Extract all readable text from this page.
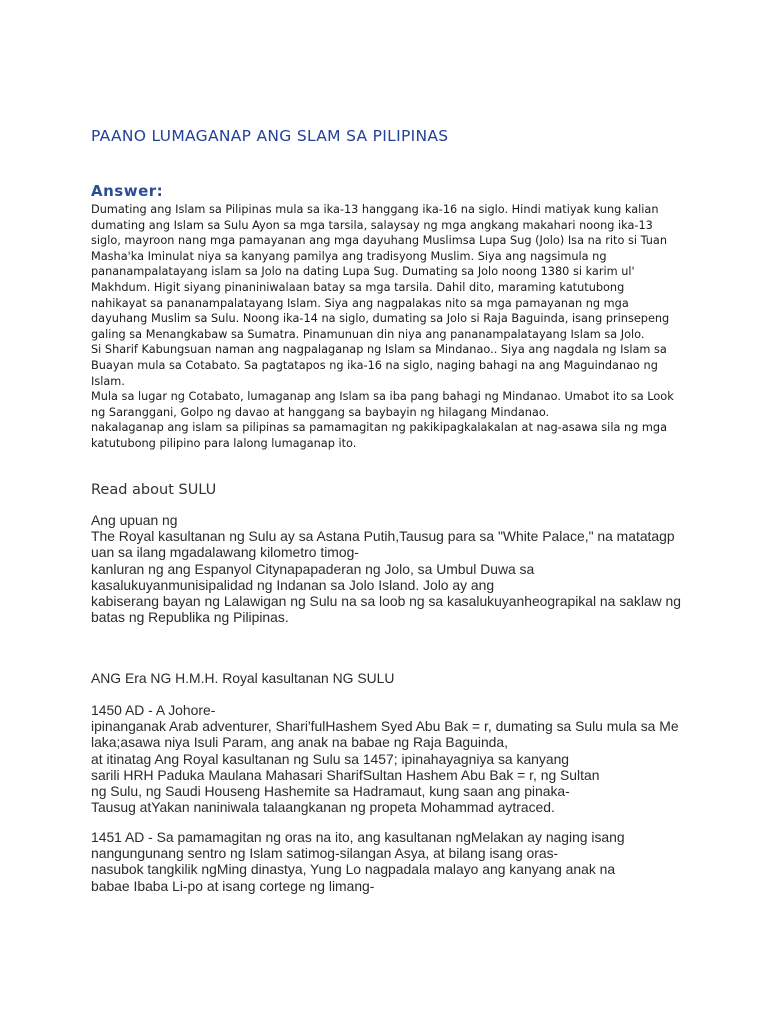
PAANO LUMAGANAP ANG SLAM SA PILIPINAS
Answer:
Dumating ang Islam sa Pilipinas mula sa ika-13 hanggang ika-16 na siglo. Hindi matiyak kung kalian
dumating ang Islam sa Sulu Ayon sa mga tarsila, salaysay ng mga angkang makahari noong ika-13
siglo, mayroon nang mga pamayanan ang mga dayuhang Muslimsa Lupa Sug (Jolo) Isa na rito si Tuan
Masha'ka Iminulat niya sa kanyang pamilya ang tradisyong Muslim. Siya ang nagsimula ng
pananampalatayang islam sa Jolo na dating Lupa Sug. Dumating sa Jolo noong 1380 si karim ul'
Makhdum. Higit siyang pinaniniwalaan batay sa mga tarsila. Dahil dito, maraming katutubong
nahikayat sa pananampalatayang Islam. Siya ang nagpalakas nito sa mga pamayanan ng mga
dayuhang Muslim sa Sulu. Noong ika-14 na siglo, dumating sa Jolo si Raja Baguinda, isang prinsepeng
galing sa Menangkabaw sa Sumatra. Pinamunuan din niya ang pananampalatayang Islam sa Jolo.
Si Sharif Kabungsuan naman ang nagpalaganap ng Islam sa Mindanao.. Siya ang nagdala ng Islam sa
Buayan mula sa Cotabato. Sa pagtatapos ng ika-16 na siglo, naging bahagi na ang Maguindanao ng
Islam.
Mula sa lugar ng Cotabato, lumaganap ang Islam sa iba pang bahagi ng Mindanao. Umabot ito sa Look
ng Saranggani, Golpo ng davao at hanggang sa baybayin ng hilagang Mindanao.
nakalaganap ang islam sa pilipinas sa pamamagitan ng pakikipagkalakalan at nag-asawa sila ng mga
katutubong pilipino para lalong lumaganap ito.
Read about SULU
Ang upuan ng
The Royal kasultanan ng Sulu ay sa Astana Putih,Tausug para sa "White Palace," na matatagp
uan sa ilang mgadalawang kilometro timog-
kanluran ng ang Espanyol Citynapapaderan ng Jolo, sa Umbul Duwa sa
kasalukuyanmunisipalidad ng Indanan sa Jolo Island. Jolo ay ang
kabiserang bayan ng Lalawigan ng Sulu na sa loob ng sa kasalukuyanheograpikal na saklaw ng
batas ng Republika ng Pilipinas.
ANG Era NG H.M.H. Royal kasultanan NG SULU
1450 AD - A Johore-
ipinanganak Arab adventurer, Shari'fulHashem Syed Abu Bak = r, dumating sa Sulu mula sa Me
laka;asawa niya Isuli Param, ang anak na babae ng Raja Baguinda,
at itinatag Ang Royal kasultanan ng Sulu sa 1457; ipinahayagniya sa kanyang
sarili HRH Paduka Maulana Mahasari SharifSultan Hashem Abu Bak = r, ng Sultan
ng Sulu, ng Saudi Houseng Hashemite sa Hadramaut, kung saan ang pinaka-
Tausug atYakan naniniwala talaangkanan ng propeta Mohammad aytraced.
1451 AD - Sa pamamagitan ng oras na ito, ang kasultanan ngMelakan ay naging isang
nangungunang sentro ng Islam satimog-silangan Asya, at bilang isang oras-
nasubok tangkilik ngMing dinastya, Yung Lo nagpadala malayo ang kanyang anak na
babae Ibaba Li-po at isang cortege ng limang-
